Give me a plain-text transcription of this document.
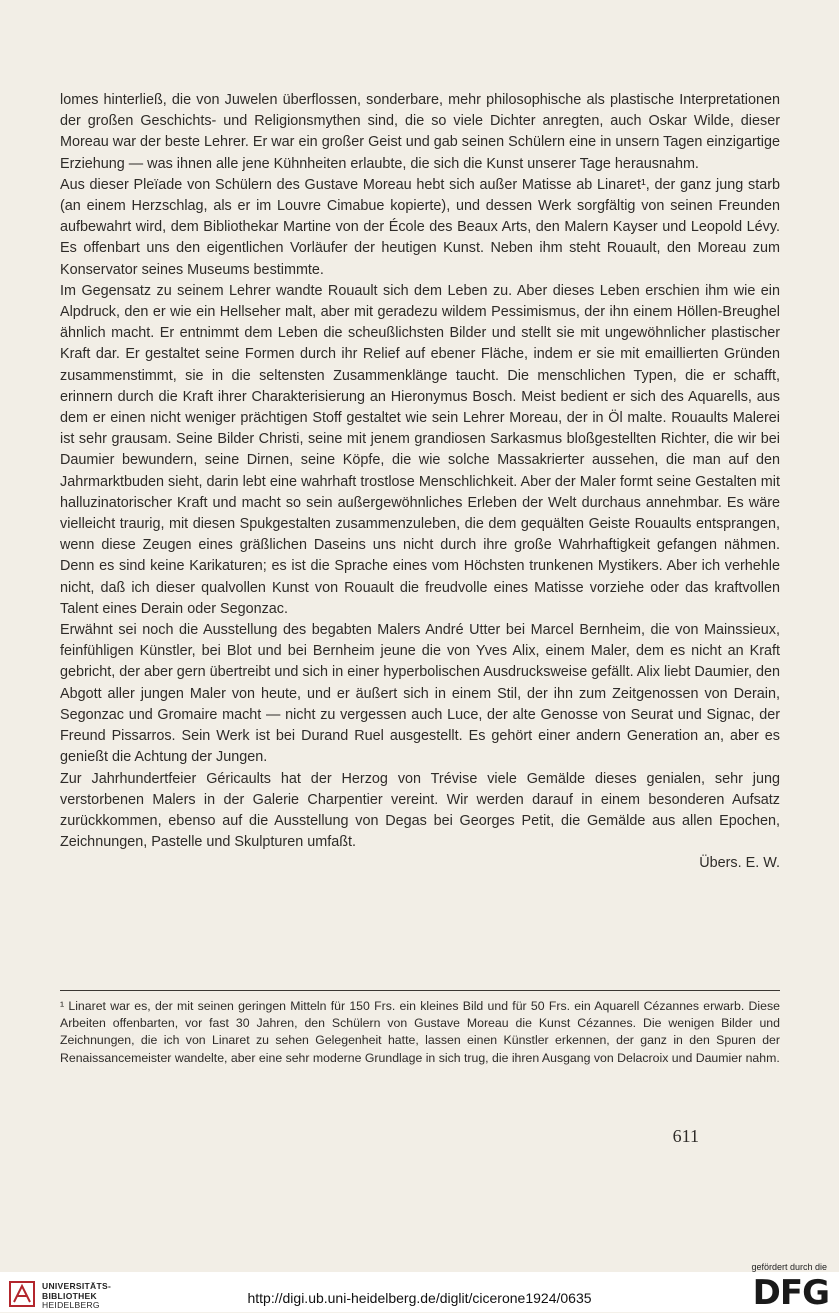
lomes hinterließ, die von Juwelen überflossen, sonderbare, mehr philosophische als plastische Interpretationen der großen Geschichts- und Religionsmythen sind, die so viele Dichter anregten, auch Oskar Wilde, dieser Moreau war der beste Lehrer. Er war ein großer Geist und gab seinen Schülern eine in unsern Tagen einzigartige Erziehung — was ihnen alle jene Kühnheiten erlaubte, die sich die Kunst unserer Tage herausnahm.

Aus dieser Pleïade von Schülern des Gustave Moreau hebt sich außer Matisse ab Linaret¹, der ganz jung starb (an einem Herzschlag, als er im Louvre Cimabue kopierte), und dessen Werk sorgfältig von seinen Freunden aufbewahrt wird, dem Bibliothekar Martine von der École des Beaux Arts, den Malern Kayser und Leopold Lévy. Es offenbart uns den eigentlichen Vorläufer der heutigen Kunst. Neben ihm steht Rouault, den Moreau zum Konservator seines Museums bestimmte.

Im Gegensatz zu seinem Lehrer wandte Rouault sich dem Leben zu. Aber dieses Leben erschien ihm wie ein Alpdruck, den er wie ein Hellseher malt, aber mit geradezu wildem Pessimismus, der ihn einem Höllen-Breughel ähnlich macht. Er entnimmt dem Leben die scheußlichsten Bilder und stellt sie mit ungewöhnlicher plastischer Kraft dar. Er gestaltet seine Formen durch ihr Relief auf ebener Fläche, indem er sie mit emaillierten Gründen zusammenstimmt, sie in die seltensten Zusammenklänge taucht. Die menschlichen Typen, die er schafft, erinnern durch die Kraft ihrer Charakterisierung an Hieronymus Bosch. Meist bedient er sich des Aquarells, aus dem er einen nicht weniger prächtigen Stoff gestaltet wie sein Lehrer Moreau, der in Öl malte. Rouaults Malerei ist sehr grausam. Seine Bilder Christi, seine mit jenem grandiosen Sarkasmus bloßgestellten Richter, die wir bei Daumier bewundern, seine Dirnen, seine Köpfe, die wie solche Massakrierter aussehen, die man auf den Jahrmarktbuden sieht, darin lebt eine wahrhaft trostlose Menschlichkeit. Aber der Maler formt seine Gestalten mit halluzinatorischer Kraft und macht so sein außergewöhnliches Erleben der Welt durchaus annehmbar. Es wäre vielleicht traurig, mit diesen Spukgestalten zusammenzuleben, die dem gequälten Geiste Rouaults entsprangen, wenn diese Zeugen eines gräßlichen Daseins uns nicht durch ihre große Wahrhaftigkeit gefangen nähmen. Denn es sind keine Karikaturen; es ist die Sprache eines vom Höchsten trunkenen Mystikers. Aber ich verhehle nicht, daß ich dieser qualvollen Kunst von Rouault die freudvolle eines Matisse vorziehe oder das kraftvollen Talent eines Derain oder Segonzac.

Erwähnt sei noch die Ausstellung des begabten Malers André Utter bei Marcel Bernheim, die von Mainssieux, feinfühligen Künstler, bei Blot und bei Bernheim jeune die von Yves Alix, einem Maler, dem es nicht an Kraft gebricht, der aber gern übertreibt und sich in einer hyperbolischen Ausdrucksweise gefällt. Alix liebt Daumier, den Abgott aller jungen Maler von heute, und er äußert sich in einem Stil, der ihn zum Zeitgenossen von Derain, Segonzac und Gromaire macht — nicht zu vergessen auch Luce, der alte Genosse von Seurat und Signac, der Freund Pissarros. Sein Werk ist bei Durand Ruel ausgestellt. Es gehört einer andern Generation an, aber es genießt die Achtung der Jungen.

Zur Jahrhundertfeier Géricaults hat der Herzog von Trévise viele Gemälde dieses genialen, sehr jung verstorbenen Malers in der Galerie Charpentier vereint. Wir werden darauf in einem besonderen Aufsatz zurückkommen, ebenso auf die Ausstellung von Degas bei Georges Petit, die Gemälde aus allen Epochen, Zeichnungen, Pastelle und Skulpturen umfaßt.

Übers. E. W.

¹ Linaret war es, der mit seinen geringen Mitteln für 150 Frs. ein kleines Bild und für 50 Frs. ein Aquarell Cézannes erwarb. Diese Arbeiten offenbarten, vor fast 30 Jahren, den Schülern von Gustave Moreau die Kunst Cézannes. Die wenigen Bilder und Zeichnungen, die ich von Linaret zu sehen Gelegenheit hatte, lassen einen Künstler erkennen, der ganz in den Spuren der Renaissancemeister wandelte, aber eine sehr moderne Grundlage in sich trug, die ihren Ausgang von Delacroix und Daumier nahm.

611
UNIVERSITÄTS-
BIBLIOTHEK
HEIDELBERG	http://digi.ub.uni-heidelberg.de/diglit/cicerone1924/0635
gefördert durch die
DFG
